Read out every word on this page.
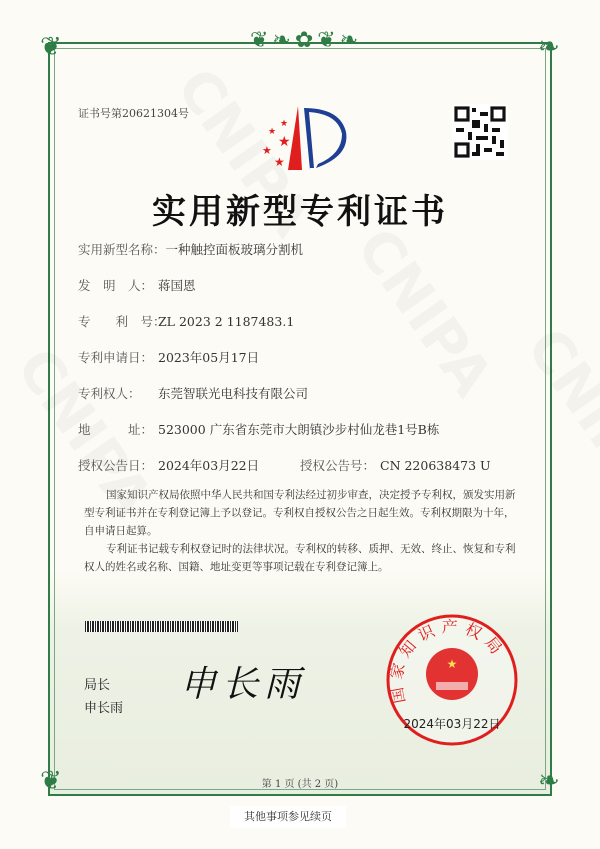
❦❧✿❦❧
❦	❧
❦	❧
证书号第20621304号
★
★
★
★
★
实用新型专利证书
实用新型名称：一种触控面板玻璃分割机
发　明　人： 蒋国恩
专　　利　号：ZL 2023 2 1187483.1
专利申请日： 2023年05月17日
专利权人： 东莞智联光电科技有限公司
地　　　址： 523000 广东省东莞市大朗镇沙步村仙龙巷1号B栋
授权公告日： 2024年03月22日	授权公告号： CN 220638473 U
国家知识产权局依照中华人民共和国专利法经过初步审查，决定授予专利权，颁发实用新型专利证书并在专利登记簿上予以登记。专利权自授权公告之日起生效。专利权期限为十年，自申请日起算。
专利证书记载专利权登记时的法律状况。专利权的转移、质押、无效、终止、恢复和专利权人的姓名或名称、国籍、地址变更等事项记载在专利登记簿上。
局长
申长雨
申长雨	★
国家知识产权局
2024年03月22日
第 1 页 (共 2 页)
其他事项参见续页
